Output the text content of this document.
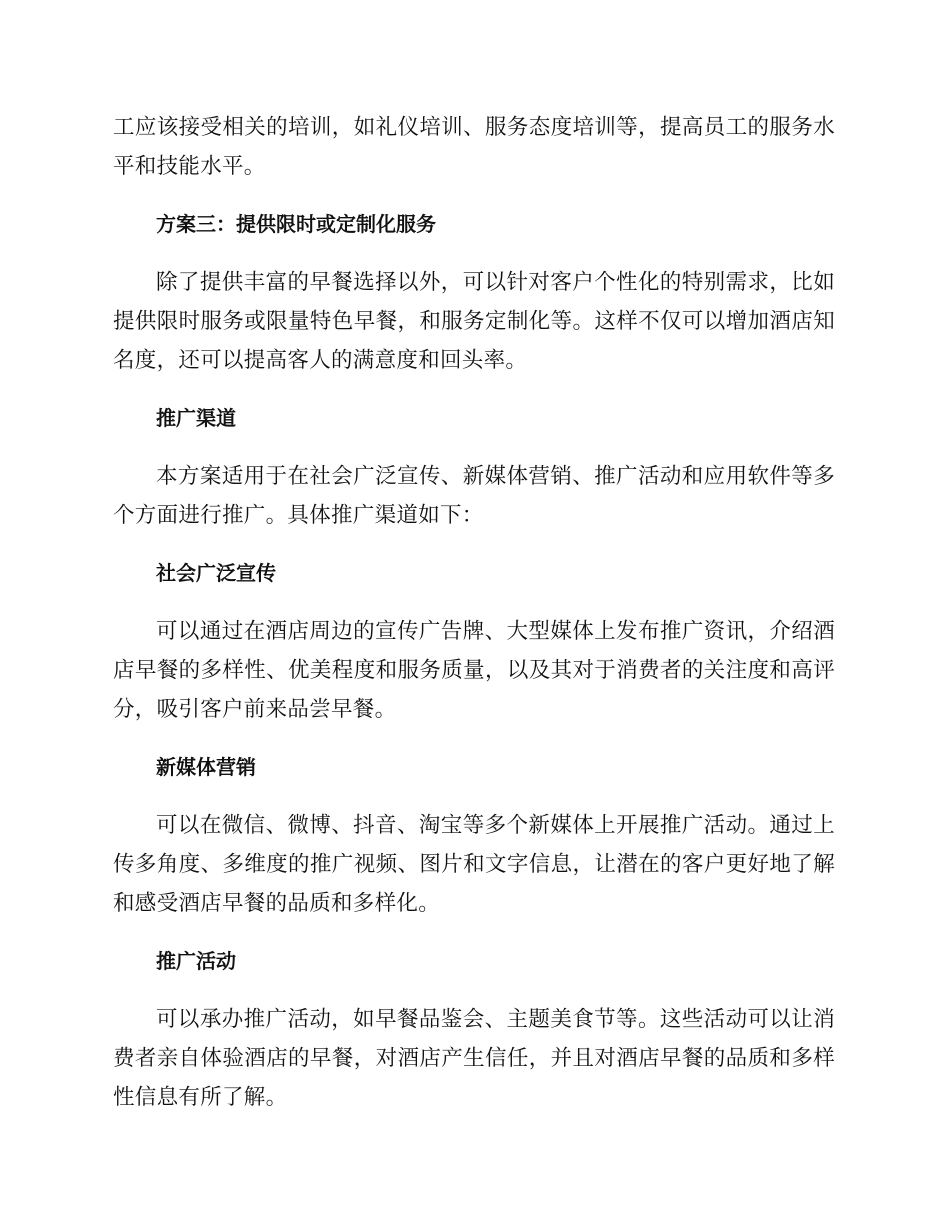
工应该接受相关的培训，如礼仪培训、服务态度培训等，提高员工的服务水平和技能水平。

方案三：提供限时或定制化服务

除了提供丰富的早餐选择以外，可以针对客户个性化的特别需求，比如提供限时服务或限量特色早餐，和服务定制化等。这样不仅可以增加酒店知名度，还可以提高客人的满意度和回头率。

推广渠道

本方案适用于在社会广泛宣传、新媒体营销、推广活动和应用软件等多个方面进行推广。具体推广渠道如下：

社会广泛宣传

可以通过在酒店周边的宣传广告牌、大型媒体上发布推广资讯，介绍酒店早餐的多样性、优美程度和服务质量，以及其对于消费者的关注度和高评分，吸引客户前来品尝早餐。

新媒体营销

可以在微信、微博、抖音、淘宝等多个新媒体上开展推广活动。通过上传多角度、多维度的推广视频、图片和文字信息，让潜在的客户更好地了解和感受酒店早餐的品质和多样化。

推广活动

可以承办推广活动，如早餐品鉴会、主题美食节等。这些活动可以让消费者亲自体验酒店的早餐，对酒店产生信任，并且对酒店早餐的品质和多样性信息有所了解。
